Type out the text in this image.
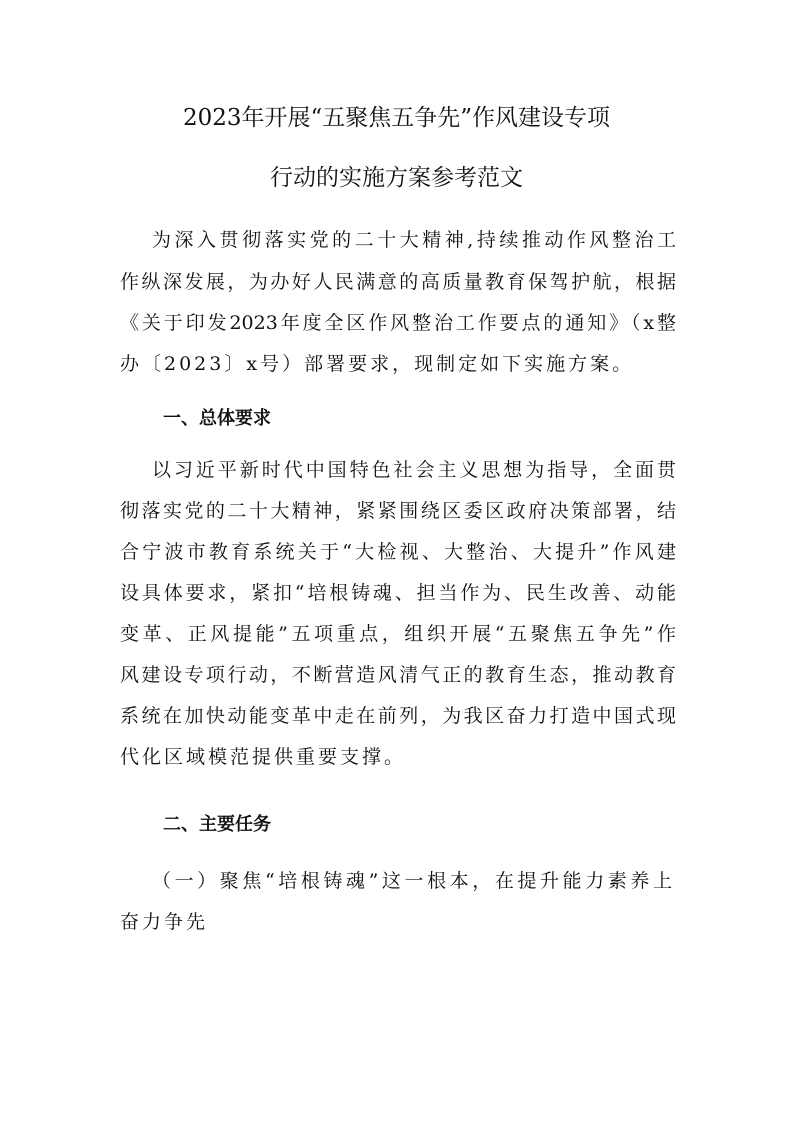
2023年开展“五聚焦五争先”作风建设专项
行动的实施方案参考范文
为深入贯彻落实党的二十大精神,持续推动作风整治工
作纵深发展，为办好人民满意的高质量教育保驾护航，根据
《关于印发2023年度全区作风整治工作要点的通知》（x整
办〔2023〕x号）部署要求，现制定如下实施方案。
一、总体要求
以习近平新时代中国特色社会主义思想为指导，全面贯
彻落实党的二十大精神，紧紧围绕区委区政府决策部署，结
合宁波市教育系统关于“大检视、大整治、大提升”作风建
设具体要求，紧扣“培根铸魂、担当作为、民生改善、动能
变革、正风提能”五项重点，组织开展“五聚焦五争先”作
风建设专项行动，不断营造风清气正的教育生态，推动教育
系统在加快动能变革中走在前列，为我区奋力打造中国式现
代化区域模范提供重要支撑。
二、主要任务
（一）聚焦“培根铸魂”这一根本，在提升能力素养上
奋力争先
